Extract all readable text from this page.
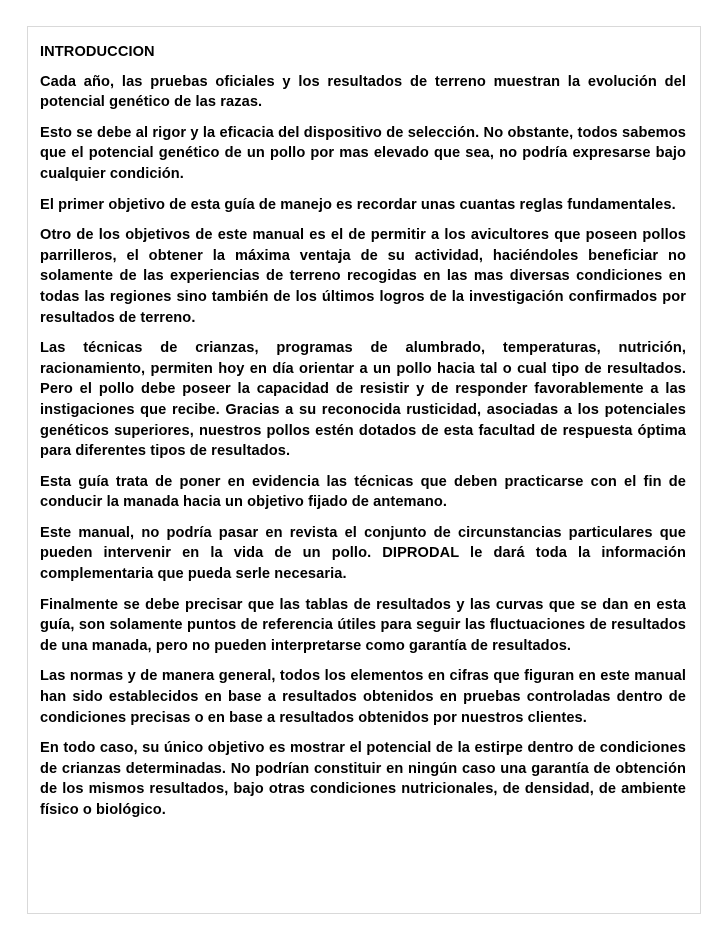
INTRODUCCION

Cada año, las pruebas oficiales y los resultados de terreno muestran la evolución del potencial genético de las razas.

Esto se debe al rigor y la eficacia del dispositivo de selección. No obstante, todos sabemos que el potencial genético de un pollo por mas elevado que sea, no podría expresarse bajo cualquier condición.

El primer objetivo de esta guía de manejo es recordar unas cuantas reglas fundamentales.

Otro de los objetivos de este manual es el de permitir a los avicultores que poseen pollos parrilleros, el obtener la máxima ventaja de su actividad, haciéndoles beneficiar no solamente de las experiencias de terreno recogidas en las mas diversas condiciones en todas las regiones sino también de los últimos logros de la investigación confirmados por resultados de terreno.

Las técnicas de crianzas, programas de alumbrado, temperaturas, nutrición, racionamiento, permiten hoy en día orientar a un pollo hacia tal o cual tipo de resultados. Pero el pollo debe poseer la capacidad de resistir y de responder favorablemente a las instigaciones que recibe. Gracias a su reconocida rusticidad, asociadas a los potenciales genéticos superiores, nuestros pollos estén dotados de esta facultad de respuesta óptima para diferentes tipos de resultados.

Esta guía trata de poner en evidencia las técnicas que deben practicarse con el fin de conducir la manada hacia un objetivo fijado de antemano.

Este manual, no podría pasar en revista el conjunto de circunstancias particulares que pueden intervenir en la vida de un pollo. DIPRODAL le dará toda la información complementaria que pueda serle necesaria.

Finalmente se debe precisar que las tablas de resultados y las curvas que se dan en esta guía, son solamente puntos de referencia útiles para seguir las fluctuaciones de resultados de una manada, pero no pueden interpretarse como garantía de resultados.

Las normas y de manera general, todos los elementos en cifras que figuran en este manual han sido establecidos en base a resultados obtenidos en pruebas controladas dentro de condiciones precisas o en base a resultados obtenidos por nuestros clientes.

En todo caso, su único objetivo es mostrar el potencial de la estirpe dentro de condiciones de crianzas determinadas. No podrían constituir en ningún caso una garantía de obtención de los mismos resultados, bajo otras condiciones nutricionales, de densidad, de ambiente físico o biológico.
